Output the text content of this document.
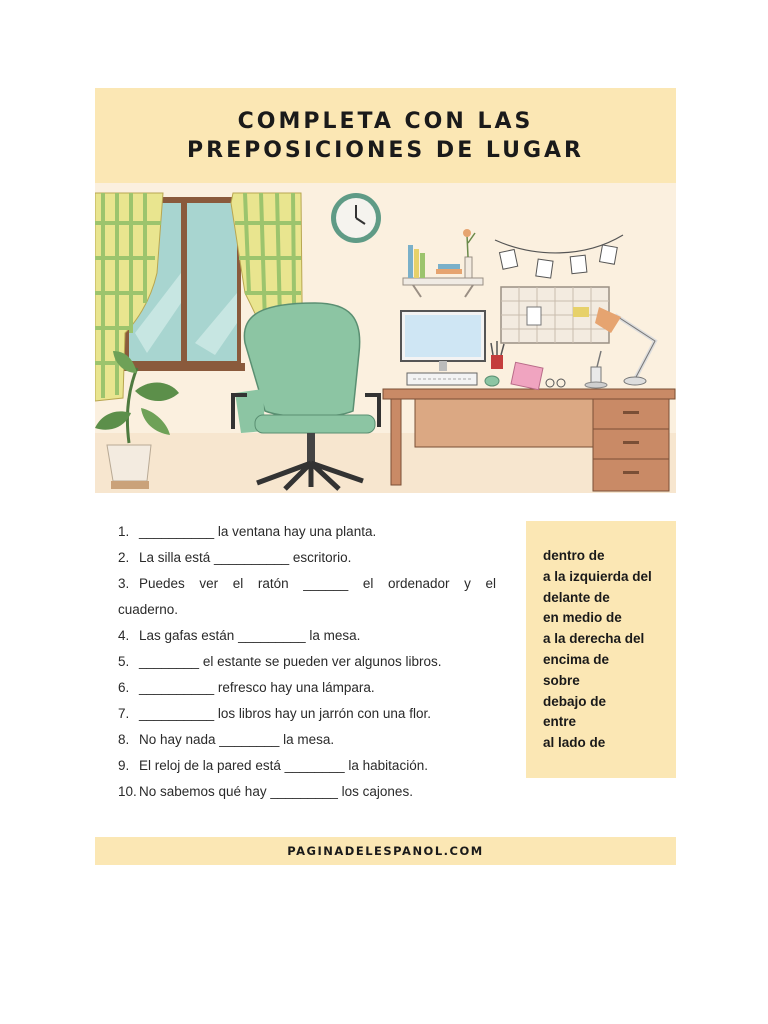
COMPLETA CON LAS
PREPOSICIONES DE LUGAR
1. __________ la ventana hay una planta.
2. La silla está __________ escritorio.
3. Puedes ver el ratón ______ el ordenador y el
cuaderno.
4. Las gafas están _________ la mesa.
5. ________ el estante se pueden ver algunos libros.
6. __________ refresco hay una lámpara.
7. __________ los libros hay un jarrón con una flor.
8. No hay nada ________ la mesa.
9. El reloj de la pared está ________ la habitación.
10. No sabemos qué hay _________ los cajones.
dentro de
a la izquierda del
delante de
en medio de
a la derecha del
encima de
sobre
debajo de
entre
al lado de
PAGINADELESPANOL.COM
